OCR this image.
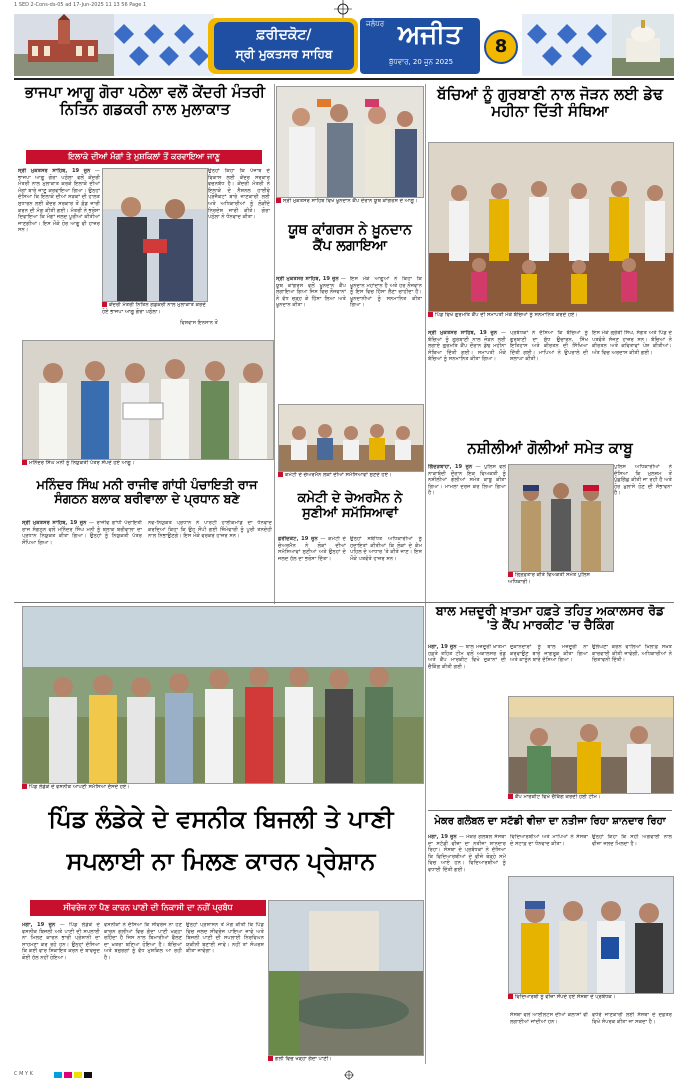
1 SED 2-Cons-ds-05 ad 17-Jun-2025 11 13 56 Page 1
ਫ਼ਰੀਦਕੋਟ/
ਸ੍ਰੀ ਮੁਕਤਸਰ ਸਾਹਿਬ
ਜਲੰਧਰ ਅਜੀਤ
ਬੁੱਧਵਾਰ, 20 ਜੂਨ 2025
8
ਭਾਜਪਾ ਆਗੂ ਗੋਰਾ ਪਠੇਲਾ ਵਲੋਂ ਕੇਂਦਰੀ ਮੰਤਰੀ ਨਿਤਿਨ ਗਡਕਰੀ ਨਾਲ ਮੁਲਾਕਾਤ
ਇਲਾਕੇ ਦੀਆਂ ਮੰਗਾਂ ਤੇ ਮੁਸ਼ਕਿਲਾਂ ਤੋਂ ਕਰਵਾਇਆ ਜਾਣੂ
ਸ੍ਰੀ ਮੁਕਤਸਰ ਸਾਹਿਬ, 19 ਜੂਨ — ਭਾਜਪਾ ਆਗੂ ਗੋਰਾ ਪਠੇਲਾ ਵਲੋਂ ਕੇਂਦਰੀ ਮੰਤਰੀ ਨਾਲ ਮੁਲਾਕਾਤ ਕਰਕੇ ਇਲਾਕੇ ਦੀਆਂ ਮੰਗਾਂ ਬਾਰੇ ਜਾਣੂ ਕਰਵਾਇਆ ਗਿਆ। ਉਨ੍ਹਾਂ ਦੱਸਿਆ ਕਿ ਇਲਾਕੇ ਦੀਆਂ ਸੜਕਾਂ ਦੀ ਹਾਲਤ ਸੁਧਾਰਨ ਲਈ ਕੇਂਦਰ ਸਰਕਾਰ ਤੋਂ ਫ਼ੰਡ ਜਾਰੀ ਕਰਨ ਦੀ ਮੰਗ ਕੀਤੀ ਗਈ। ਮੰਤਰੀ ਨੇ ਭਰੋਸਾ ਦਿਵਾਇਆ ਕਿ ਮੰਗਾਂ ਜਲਦ ਪੂਰੀਆਂ ਕੀਤੀਆਂ ਜਾਣਗੀਆਂ। ਇਸ ਮੌਕੇ ਹੋਰ ਆਗੂ ਵੀ ਹਾਜ਼ਰ ਸਨ।
ਉਨ੍ਹਾਂ ਕਿਹਾ ਕਿ ਪੰਜਾਬ ਦੇ ਵਿਕਾਸ ਲਈ ਕੇਂਦਰ ਸਰਕਾਰ ਵਚਨਬੱਧ ਹੈ। ਕੇਂਦਰੀ ਮੰਤਰੀ ਨੇ ਇਲਾਕੇ ਦੇ ਨੈਸ਼ਨਲ ਹਾਈਵੇ ਪ੍ਰੋਜੈਕਟਾਂ ਬਾਰੇ ਜਾਣਕਾਰੀ ਲਈ ਅਤੇ ਅਧਿਕਾਰੀਆਂ ਨੂੰ ਲੋੜੀਂਦੇ ਨਿਰਦੇਸ਼ ਜਾਰੀ ਕੀਤੇ। ਗੋਰਾ ਪਠੇਲਾ ਨੇ ਧੰਨਵਾਦ ਕੀਤਾ।
ਕੇਂਦਰੀ ਮੰਤਰੀ ਨਿਤਿਨ ਗਡਕਰੀ ਨਾਲ ਮੁਲਾਕਾਤ ਕਰਦੇ ਹੋਏ ਭਾਜਪਾ ਆਗੂ ਗੋਰਾ ਪਠੇਲਾ।
ਵਿਸ਼ਵਾਸ ਇਨਸਾਨ ਤੋਂ
ਸ੍ਰੀ ਮੁਕਤਸਰ ਸਾਹਿਬ ਵਿਖੇ ਖ਼ੂਨਦਾਨ ਕੈਂਪ ਦੌਰਾਨ ਯੂਥ ਕਾਂਗਰਸ ਦੇ ਆਗੂ।
ਯੂਥ ਕਾਂਗਰਸ ਨੇ ਖ਼ੂਨਦਾਨ ਕੈਂਪ ਲਗਾਇਆ
ਸ੍ਰੀ ਮੁਕਤਸਰ ਸਾਹਿਬ, 19 ਜੂਨ — ਯੂਥ ਕਾਂਗਰਸ ਵਲੋਂ ਖ਼ੂਨਦਾਨ ਕੈਂਪ ਲਗਾਇਆ ਗਿਆ ਜਿਸ ਵਿਚ ਨੌਜਵਾਨਾਂ ਨੇ ਵੱਧ ਚੜ੍ਹ ਕੇ ਹਿੱਸਾ ਲਿਆ ਅਤੇ ਖ਼ੂਨਦਾਨ ਕੀਤਾ।
ਇਸ ਮੌਕੇ ਆਗੂਆਂ ਨੇ ਕਿਹਾ ਕਿ ਖ਼ੂਨਦਾਨ ਮਹਾਂਦਾਨ ਹੈ ਅਤੇ ਹਰ ਨੌਜਵਾਨ ਨੂੰ ਇਸ ਵਿਚ ਹਿੱਸਾ ਲੈਣਾ ਚਾਹੀਦਾ ਹੈ। ਖ਼ੂਨਦਾਨੀਆਂ ਨੂੰ ਸਨਮਾਨਿਤ ਕੀਤਾ ਗਿਆ।
ਬੱਚਿਆਂ ਨੂੰ ਗੁਰਬਾਣੀ ਨਾਲ ਜੋੜਨ ਲਈ ਡੇਢ ਮਹੀਨਾ ਦਿੱਤੀ ਸੰਥਿਆ
ਪਿੰਡ ਵਿਖੇ ਗੁਰਮਤਿ ਕੈਂਪ ਦੀ ਸਮਾਪਤੀ ਮੌਕੇ ਬੱਚਿਆਂ ਨੂੰ ਸਨਮਾਨਿਤ ਕਰਦੇ ਹੋਏ।
ਸ੍ਰੀ ਮੁਕਤਸਰ ਸਾਹਿਬ, 19 ਜੂਨ — ਬੱਚਿਆਂ ਨੂੰ ਗੁਰਬਾਣੀ ਨਾਲ ਜੋੜਨ ਲਈ ਲਗਾਏ ਗੁਰਮਤਿ ਕੈਂਪ ਦੌਰਾਨ ਡੇਢ ਮਹੀਨਾ ਸੰਥਿਆ ਦਿੱਤੀ ਗਈ। ਸਮਾਪਤੀ ਮੌਕੇ ਬੱਚਿਆਂ ਨੂੰ ਸਨਮਾਨਿਤ ਕੀਤਾ ਗਿਆ।
ਪ੍ਰਬੰਧਕਾਂ ਨੇ ਦੱਸਿਆ ਕਿ ਬੱਚਿਆਂ ਨੂੰ ਗੁਰਬਾਣੀ ਦਾ ਸ਼ੁੱਧ ਉਚਾਰਨ, ਸਿੱਖ ਇਤਿਹਾਸ ਅਤੇ ਕੀਰਤਨ ਦੀ ਸਿੱਖਿਆ ਦਿੱਤੀ ਗਈ। ਮਾਪਿਆਂ ਨੇ ਉਪਰਾਲੇ ਦੀ ਸ਼ਲਾਘਾ ਕੀਤੀ।
ਇਸ ਮੌਕੇ ਗ੍ਰੰਥੀ ਸਿੰਘ, ਸੰਗਤ ਅਤੇ ਪਿੰਡ ਦੇ ਪਤਵੰਤੇ ਸੱਜਣ ਹਾਜ਼ਰ ਸਨ। ਬੱਚਿਆਂ ਨੇ ਕੀਰਤਨ ਅਤੇ ਕਵਿਤਾਵਾਂ ਪੇਸ਼ ਕੀਤੀਆਂ। ਅੰਤ ਵਿਚ ਅਰਦਾਸ ਕੀਤੀ ਗਈ।
ਮਨਿੰਦਰ ਸਿੰਘ ਮਨੀ ਨੂੰ ਨਿਯੁਕਤੀ ਪੱਤਰ ਸੌਂਪਦੇ ਹੋਏ ਆਗੂ।
ਮਨਿੰਦਰ ਸਿੰਘ ਮਨੀ ਰਾਜੀਵ ਗਾਂਧੀ ਪੰਚਾਇਤੀ ਰਾਜ ਸੰਗਠਨ ਬਲਾਕ ਬਰੀਵਾਲਾ ਦੇ ਪ੍ਰਧਾਨ ਬਣੇ
ਸ੍ਰੀ ਮੁਕਤਸਰ ਸਾਹਿਬ, 19 ਜੂਨ — ਰਾਜੀਵ ਗਾਂਧੀ ਪੰਚਾਇਤੀ ਰਾਜ ਸੰਗਠਨ ਵਲੋਂ ਮਨਿੰਦਰ ਸਿੰਘ ਮਨੀ ਨੂੰ ਬਲਾਕ ਬਰੀਵਾਲਾ ਦਾ ਪ੍ਰਧਾਨ ਨਿਯੁਕਤ ਕੀਤਾ ਗਿਆ। ਉਨ੍ਹਾਂ ਨੂੰ ਨਿਯੁਕਤੀ ਪੱਤਰ ਸੌਂਪਿਆ ਗਿਆ।
ਨਵ-ਨਿਯੁਕਤ ਪ੍ਰਧਾਨ ਨੇ ਪਾਰਟੀ ਹਾਈਕਮਾਂਡ ਦਾ ਧੰਨਵਾਦ ਕਰਦਿਆਂ ਕਿਹਾ ਕਿ ਉਹ ਸੌਂਪੀ ਗਈ ਜ਼ਿੰਮੇਵਾਰੀ ਨੂੰ ਪੂਰੀ ਤਨਦੇਹੀ ਨਾਲ ਨਿਭਾਉਣਗੇ। ਇਸ ਮੌਕੇ ਵਰਕਰ ਹਾਜ਼ਰ ਸਨ।
ਕਮੇਟੀ ਦੇ ਚੇਅਰਮੈਨ ਲੋਕਾਂ ਦੀਆਂ ਸਮੱਸਿਆਵਾਂ ਸੁਣਦੇ ਹੋਏ।
ਕਮੇਟੀ ਦੇ ਚੇਅਰਮੈਨ ਨੇ ਸੁਣੀਆਂ ਸਮੱਸਿਆਵਾਂ
ਫ਼ਰੀਦਕੋਟ, 19 ਜੂਨ — ਕਮੇਟੀ ਦੇ ਚੇਅਰਮੈਨ ਨੇ ਲੋਕਾਂ ਦੀਆਂ ਸਮੱਸਿਆਵਾਂ ਸੁਣੀਆਂ ਅਤੇ ਉਨ੍ਹਾਂ ਦੇ ਜਲਦ ਹੱਲ ਦਾ ਭਰੋਸਾ ਦਿੱਤਾ।
ਉਨ੍ਹਾਂ ਸਬੰਧਿਤ ਅਧਿਕਾਰੀਆਂ ਨੂੰ ਹਦਾਇਤਾਂ ਕੀਤੀਆਂ ਕਿ ਲੋਕਾਂ ਦੇ ਕੰਮ ਪਹਿਲ ਦੇ ਆਧਾਰ 'ਤੇ ਕੀਤੇ ਜਾਣ। ਇਸ ਮੌਕੇ ਪਤਵੰਤੇ ਹਾਜ਼ਰ ਸਨ।
ਨਸ਼ੀਲੀਆਂ ਗੋਲੀਆਂ ਸਮੇਤ ਕਾਬੂ
ਗਿੱਦੜਬਾਹਾ, 19 ਜੂਨ — ਪੁਲਿਸ ਵਲੋਂ ਨਾਕਾਬੰਦੀ ਦੌਰਾਨ ਇਕ ਵਿਅਕਤੀ ਨੂੰ ਨਸ਼ੀਲੀਆਂ ਗੋਲੀਆਂ ਸਮੇਤ ਕਾਬੂ ਕੀਤਾ ਗਿਆ। ਮਾਮਲਾ ਦਰਜ ਕਰ ਲਿਆ ਗਿਆ ਹੈ।
ਪੁਲਿਸ ਅਧਿਕਾਰੀਆਂ ਨੇ ਦੱਸਿਆ ਕਿ ਮੁਲਜ਼ਮ ਤੋਂ ਪੁੱਛਗਿੱਛ ਕੀਤੀ ਜਾ ਰਹੀ ਹੈ ਅਤੇ ਹੋਰ ਖ਼ੁਲਾਸੇ ਹੋਣ ਦੀ ਸੰਭਾਵਨਾ ਹੈ।
ਗ੍ਰਿਫ਼ਤਾਰ ਕੀਤੇ ਵਿਅਕਤੀ ਸਮੇਤ ਪੁਲਿਸ ਅਧਿਕਾਰੀ।
ਬਾਲ ਮਜ਼ਦੂਰੀ ਖ਼ਾਤਮਾ ਹਫ਼ਤੇ ਤਹਿਤ ਅਕਾਲਸਰ ਰੋਡ 'ਤੇ ਕੈਂਪ ਮਾਰਕੀਟ 'ਚ ਚੈਕਿੰਗ
ਮੋਗਾ, 19 ਜੂਨ — ਬਾਲ ਮਜ਼ਦੂਰੀ ਖ਼ਾਤਮਾ ਹਫ਼ਤੇ ਤਹਿਤ ਟੀਮ ਵਲੋਂ ਅਕਾਲਸਰ ਰੋਡ ਅਤੇ ਕੈਂਪ ਮਾਰਕੀਟ ਵਿਖੇ ਦੁਕਾਨਾਂ ਦੀ ਚੈਕਿੰਗ ਕੀਤੀ ਗਈ।
ਦੁਕਾਨਦਾਰਾਂ ਨੂੰ ਬਾਲ ਮਜ਼ਦੂਰੀ ਨਾ ਕਰਵਾਉਣ ਬਾਰੇ ਜਾਗਰੂਕ ਕੀਤਾ ਗਿਆ ਅਤੇ ਕਾਨੂੰਨ ਬਾਰੇ ਦੱਸਿਆ ਗਿਆ।
ਉਲੰਘਣਾ ਕਰਨ ਵਾਲਿਆਂ ਖ਼ਿਲਾਫ਼ ਸਖ਼ਤ ਕਾਰਵਾਈ ਕੀਤੀ ਜਾਵੇਗੀ, ਅਧਿਕਾਰੀਆਂ ਨੇ ਚਿਤਾਵਨੀ ਦਿੱਤੀ।
ਕੈਂਪ ਮਾਰਕੀਟ ਵਿਖੇ ਚੈਕਿੰਗ ਕਰਦੀ ਹੋਈ ਟੀਮ।
ਪਿੰਡ ਲੰਡੇਕੇ ਦੇ ਵਸਨੀਕ ਆਪਣੀ ਸਮੱਸਿਆ ਦੱਸਦੇ ਹੋਏ।
ਪਿੰਡ ਲੰਡੇਕੇ ਦੇ ਵਸਨੀਕ ਬਿਜਲੀ ਤੇ ਪਾਣੀ ਸਪਲਾਈ ਨਾ ਮਿਲਣ ਕਾਰਨ ਪ੍ਰੇਸ਼ਾਨ
ਸੀਵਰੇਜ ਨਾ ਪੈਣ ਕਾਰਨ ਪਾਣੀ ਦੀ ਨਿਕਾਸੀ ਦਾ ਨਹੀਂ ਪ੍ਰਬੰਧ
ਮੋਗਾ, 19 ਜੂਨ — ਪਿੰਡ ਲੰਡੇਕੇ ਦੇ ਵਸਨੀਕ ਬਿਜਲੀ ਅਤੇ ਪਾਣੀ ਦੀ ਸਪਲਾਈ ਨਾ ਮਿਲਣ ਕਾਰਨ ਭਾਰੀ ਪ੍ਰੇਸ਼ਾਨੀ ਦਾ ਸਾਹਮਣਾ ਕਰ ਰਹੇ ਹਨ। ਉਨ੍ਹਾਂ ਦੱਸਿਆ ਕਿ ਕਈ ਵਾਰ ਸ਼ਿਕਾਇਤ ਕਰਨ ਦੇ ਬਾਵਜੂਦ ਕੋਈ ਹੱਲ ਨਹੀਂ ਹੋਇਆ।
ਵਸਨੀਕਾਂ ਨੇ ਦੱਸਿਆ ਕਿ ਸੀਵਰੇਜ ਨਾ ਹੋਣ ਕਾਰਨ ਗਲੀਆਂ ਵਿਚ ਗੰਦਾ ਪਾਣੀ ਖੜ੍ਹਾ ਰਹਿੰਦਾ ਹੈ ਜਿਸ ਨਾਲ ਬਿਮਾਰੀਆਂ ਫੈਲਣ ਦਾ ਖ਼ਤਰਾ ਬਣਿਆ ਹੋਇਆ ਹੈ। ਬੱਚਿਆਂ ਅਤੇ ਬਜ਼ੁਰਗਾਂ ਨੂੰ ਵੱਧ ਮੁਸ਼ਕਿਲ ਆ ਰਹੀ ਹੈ।
ਉਨ੍ਹਾਂ ਪ੍ਰਸ਼ਾਸਨ ਤੋਂ ਮੰਗ ਕੀਤੀ ਕਿ ਪਿੰਡ ਵਿਚ ਜਲਦ ਸੀਵਰੇਜ ਪਾਇਆ ਜਾਵੇ ਅਤੇ ਬਿਜਲੀ ਪਾਣੀ ਦੀ ਸਪਲਾਈ ਨਿਰਵਿਘਨ ਯਕੀਨੀ ਬਣਾਈ ਜਾਵੇ। ਨਹੀਂ ਤਾਂ ਸੰਘਰਸ਼ ਕੀਤਾ ਜਾਵੇਗਾ।
ਗਲੀ ਵਿਚ ਖੜ੍ਹਾ ਗੰਦਾ ਪਾਣੀ।
ਮੇਕਰ ਗਲੋਬਲ ਦਾ ਸਟੱਡੀ ਵੀਜ਼ਾ ਦਾ ਨਤੀਜਾ ਰਿਹਾ ਸ਼ਾਨਦਾਰ ਰਿਹਾ
ਮੋਗਾ, 19 ਜੂਨ — ਮੇਕਰ ਗਲੋਬਲ ਸੰਸਥਾ ਦਾ ਸਟੱਡੀ ਵੀਜ਼ਾ ਦਾ ਨਤੀਜਾ ਸ਼ਾਨਦਾਰ ਰਿਹਾ। ਸੰਸਥਾ ਦੇ ਪ੍ਰਬੰਧਕਾਂ ਨੇ ਦੱਸਿਆ ਕਿ ਵਿਦਿਆਰਥੀਆਂ ਦੇ ਵੀਜ਼ੇ ਥੋੜ੍ਹੇ ਸਮੇਂ ਵਿਚ ਆਏ ਹਨ। ਵਿਦਿਆਰਥੀਆਂ ਨੂੰ ਵਧਾਈ ਦਿੱਤੀ ਗਈ।
ਵਿਦਿਆਰਥੀਆਂ ਅਤੇ ਮਾਪਿਆਂ ਨੇ ਸੰਸਥਾ ਦੇ ਸਟਾਫ਼ ਦਾ ਧੰਨਵਾਦ ਕੀਤਾ।
ਉਨ੍ਹਾਂ ਕਿਹਾ ਕਿ ਸਹੀ ਅਗਵਾਈ ਨਾਲ ਵੀਜ਼ਾ ਜਲਦ ਮਿਲਦਾ ਹੈ।
ਵਿਦਿਆਰਥੀ ਨੂੰ ਵੀਜ਼ਾ ਸੌਂਪਦੇ ਹੋਏ ਸੰਸਥਾ ਦੇ ਪ੍ਰਬੰਧਕ।
ਸੰਸਥਾ ਵਲੋਂ ਆਈਲਟਸ ਦੀਆਂ ਕਲਾਸਾਂ ਵੀ ਲਗਾਈਆਂ ਜਾਂਦੀਆਂ ਹਨ।
ਵਧੇਰੇ ਜਾਣਕਾਰੀ ਲਈ ਸੰਸਥਾ ਦੇ ਦਫ਼ਤਰ ਵਿਖੇ ਸੰਪਰਕ ਕੀਤਾ ਜਾ ਸਕਦਾ ਹੈ।
C M Y K
